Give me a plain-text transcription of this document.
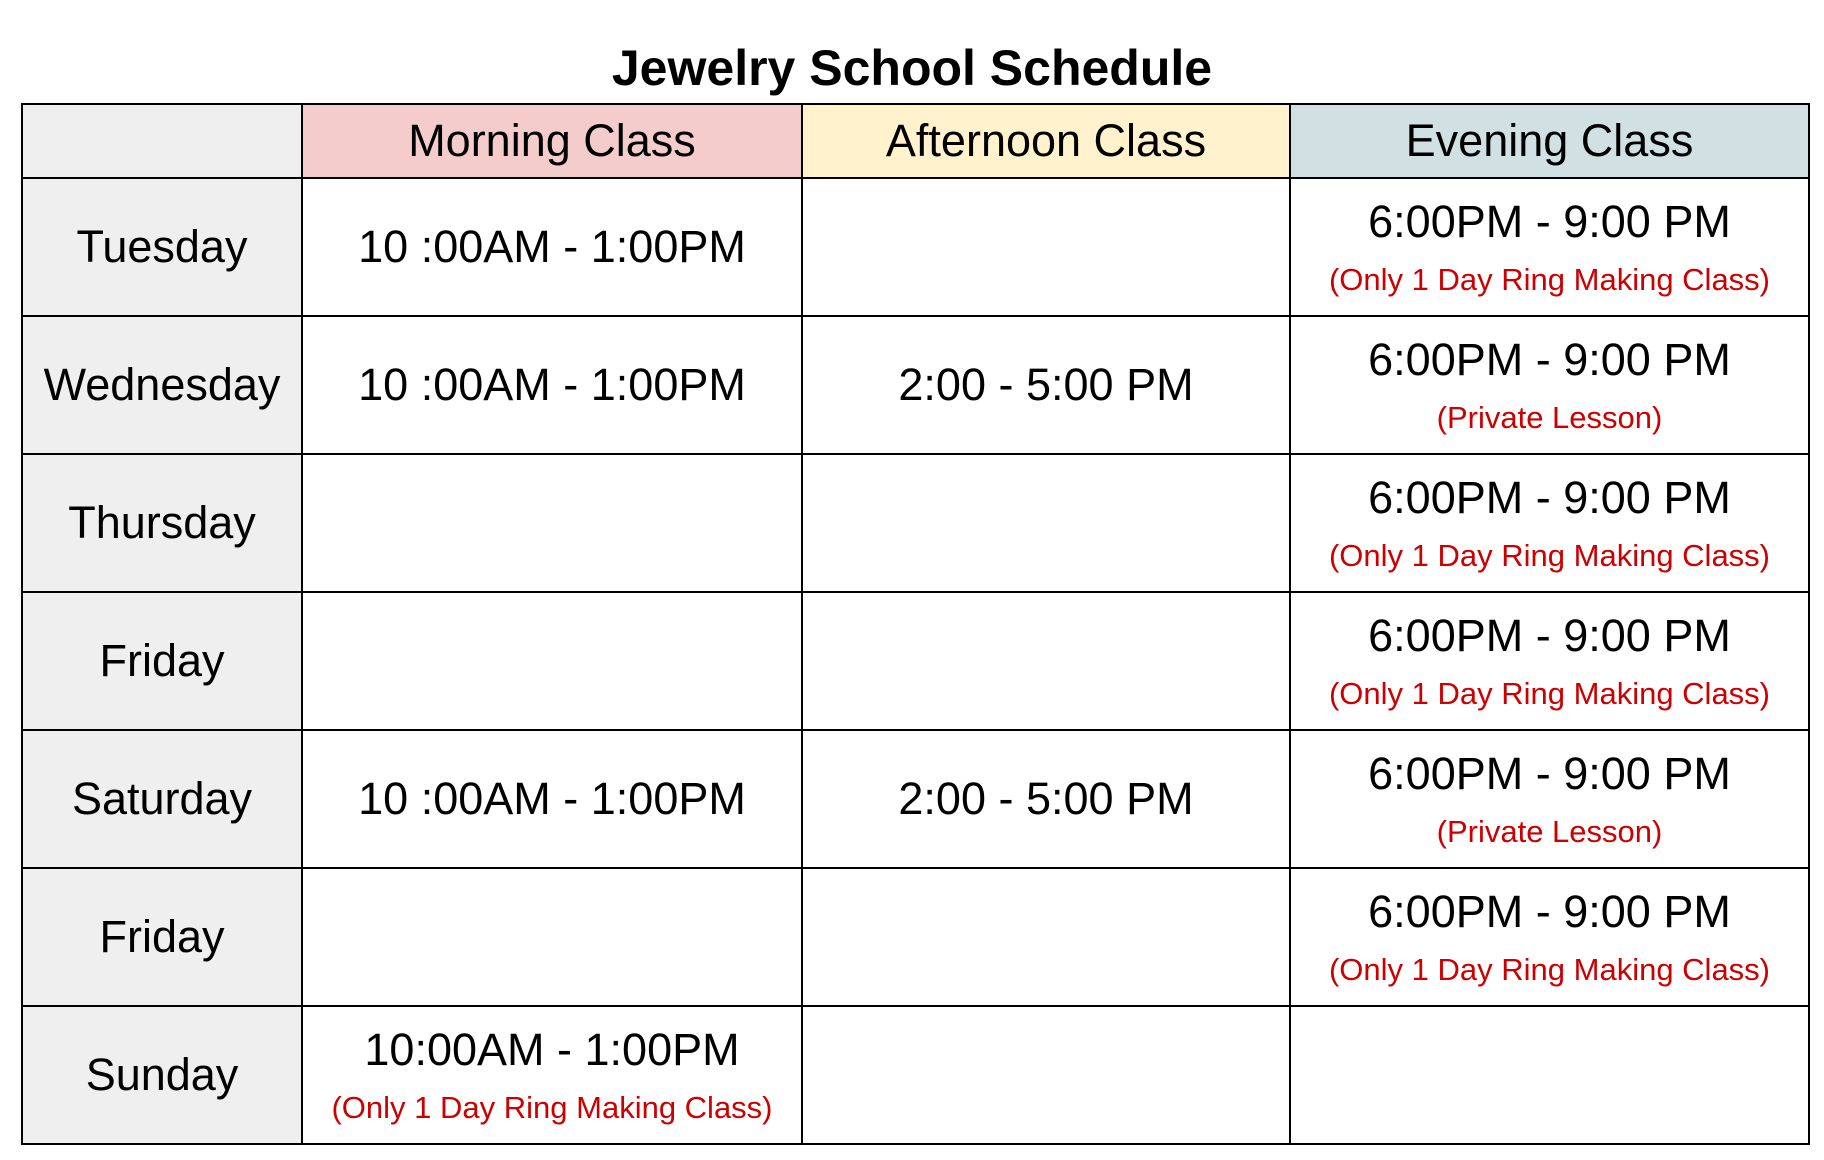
Jewelry School Schedule
	Morning Class	Afternoon Class	Evening Class
Tuesday	10 :00AM - 1:00PM		6:00PM - 9:00 PM
(Only 1 Day Ring Making Class)

Wednesday	10 :00AM - 1:00PM	2:00 - 5:00 PM	6:00PM - 9:00 PM
(Private Lesson)

Thursday			6:00PM - 9:00 PM
(Only 1 Day Ring Making Class)

Friday			6:00PM - 9:00 PM
(Only 1 Day Ring Making Class)

Saturday	10 :00AM - 1:00PM	2:00 - 5:00 PM	6:00PM - 9:00 PM
(Private Lesson)

Friday			6:00PM - 9:00 PM
(Only 1 Day Ring Making Class)

Sunday	10:00AM - 1:00PM
(Only 1 Day Ring Making Class)		
